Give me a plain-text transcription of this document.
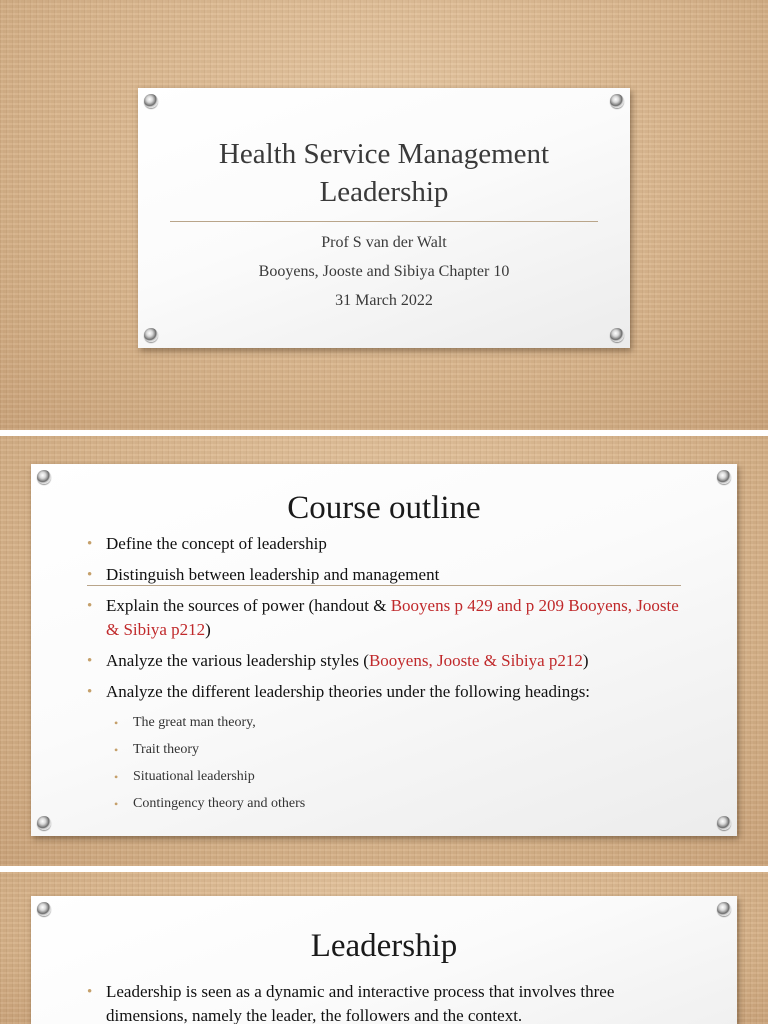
Health Service Management
Leadership
Prof S van der Walt
Booyens, Jooste and Sibiya Chapter 10
31 March 2022
Course outline
• Define the concept of leadership
• Distinguish between leadership and management
• Explain the sources of power (handout & Booyens p 429 and p 209 Booyens, Jooste & Sibiya p212)
• Analyze the various leadership styles (Booyens, Jooste & Sibiya p212)
• Analyze the different leadership theories under the following headings:
• The great man theory,
• Trait theory
• Situational leadership
• Contingency theory and others
Leadership
• Leadership is seen as a dynamic and interactive process that involves three dimensions, namely the leader, the followers and the context.
